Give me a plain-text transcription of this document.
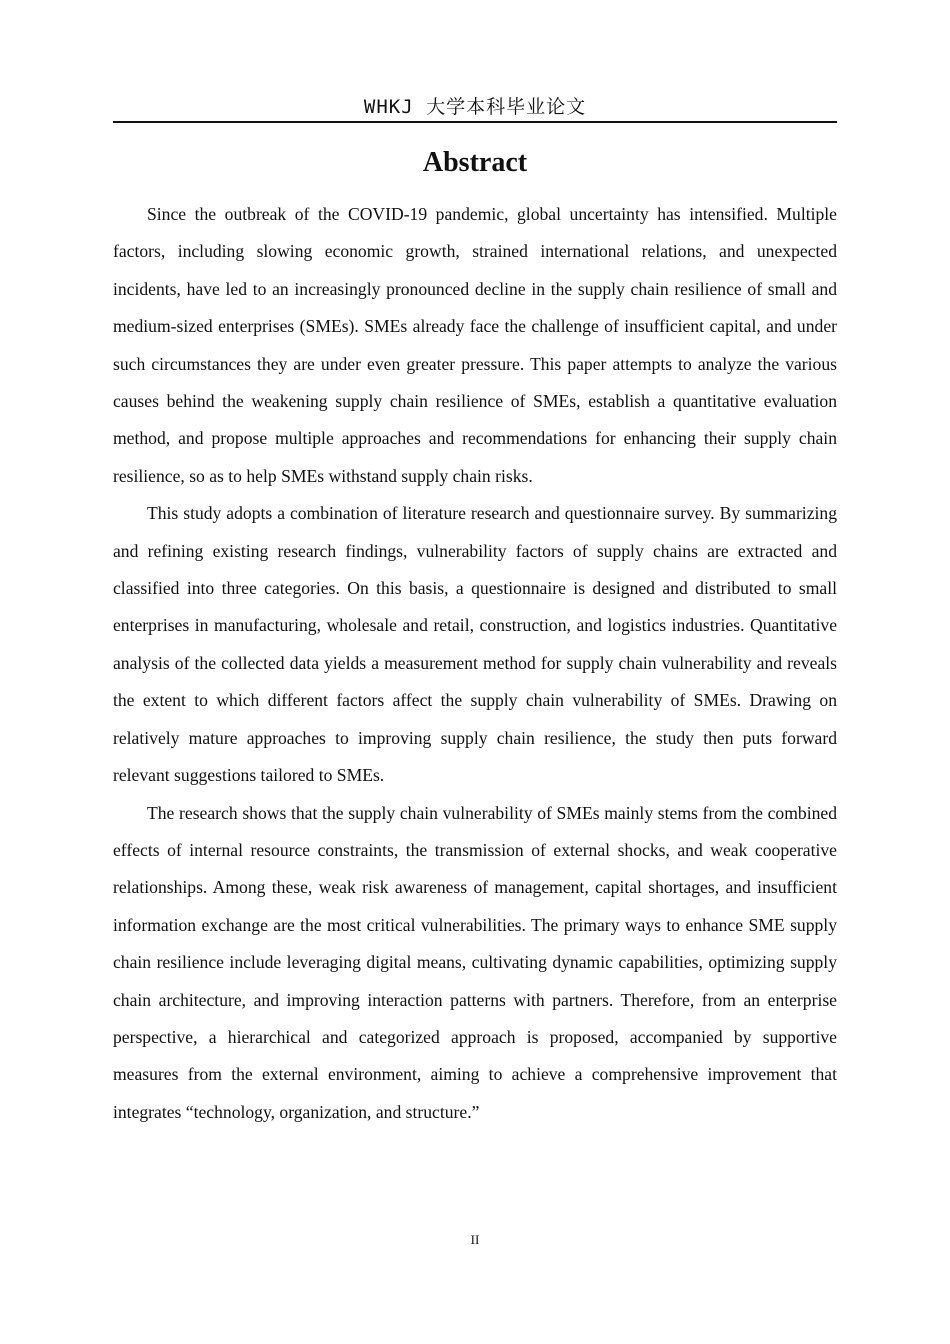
WHKJ 大学本科毕业论文
Abstract

Since the outbreak of the COVID-19 pandemic, global uncertainty has intensified. Multiple factors, including slowing economic growth, strained international relations, and unexpected incidents, have led to an increasingly pronounced decline in the supply chain resilience of small and medium-sized enterprises (SMEs). SMEs already face the challenge of insufficient capital, and under such circumstances they are under even greater pressure. This paper attempts to analyze the various causes behind the weakening supply chain resilience of SMEs, establish a quantitative evaluation method, and propose multiple approaches and recommendations for enhancing their supply chain resilience, so as to help SMEs withstand supply chain risks.

This study adopts a combination of literature research and questionnaire survey. By summarizing and refining existing research findings, vulnerability factors of supply chains are extracted and classified into three categories. On this basis, a questionnaire is designed and distributed to small enterprises in manufacturing, wholesale and retail, construction, and logistics industries. Quantitative analysis of the collected data yields a measurement method for supply chain vulnerability and reveals the extent to which different factors affect the supply chain vulnerability of SMEs. Drawing on relatively mature approaches to improving supply chain resilience, the study then puts forward relevant suggestions tailored to SMEs.

The research shows that the supply chain vulnerability of SMEs mainly stems from the combined effects of internal resource constraints, the transmission of external shocks, and weak cooperative relationships. Among these, weak risk awareness of management, capital shortages, and insufficient information exchange are the most critical vulnerabilities. The primary ways to enhance SME supply chain resilience include leveraging digital means, cultivating dynamic capabilities, optimizing supply chain architecture, and improving interaction patterns with partners. Therefore, from an enterprise perspective, a hierarchical and categorized approach is proposed, accompanied by supportive measures from the external environment, aiming to achieve a comprehensive improvement that integrates “technology, organization, and structure.”

II
